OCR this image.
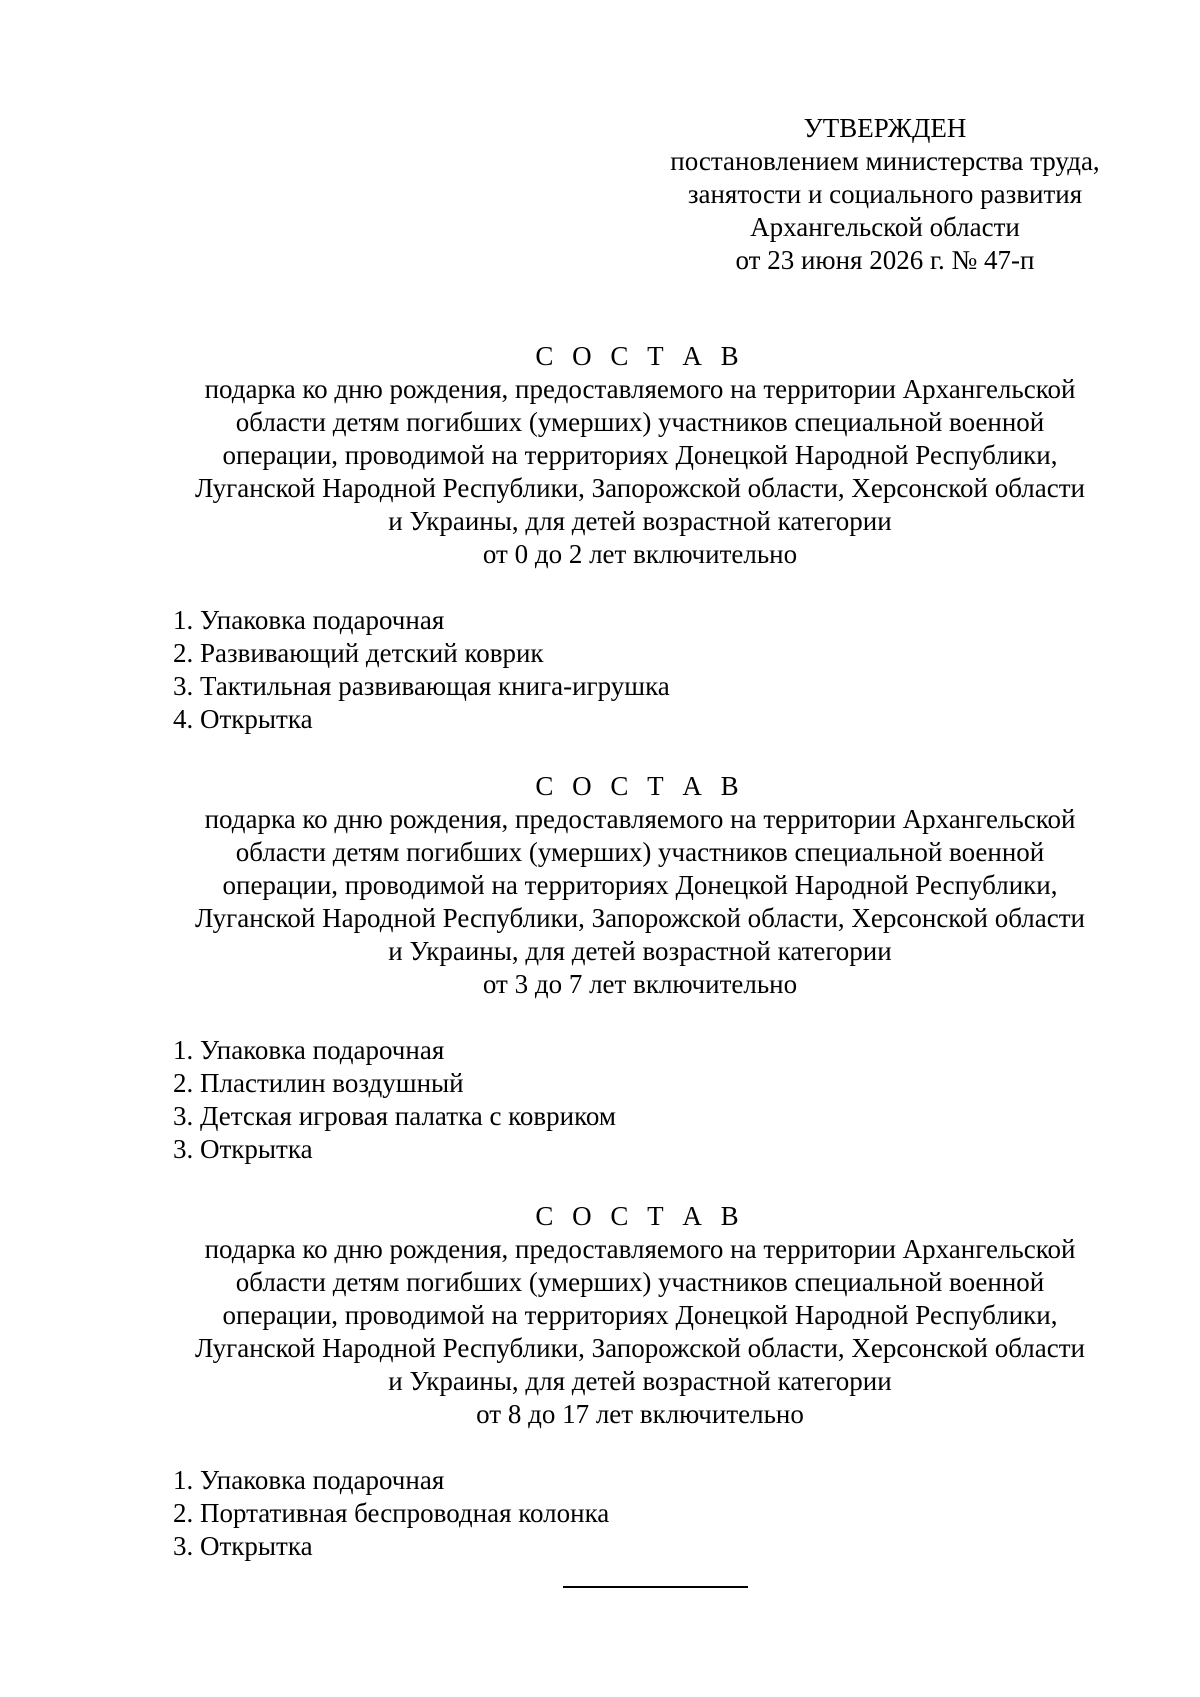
УТВЕРЖДЕН
постановлением министерства труда,
занятости и социального развития
Архангельской области
от 23 июня 2026 г. № 47-п
С О С Т А В
подарка ко дню рождения, предоставляемого на территории Архангельской
области детям погибших (умерших) участников специальной военной
операции, проводимой на территориях Донецкой Народной Республики,
Луганской Народной Республики, Запорожской области, Херсонской области
и Украины, для детей возрастной категории
от 0 до 2 лет включительно
1. Упаковка подарочная
2. Развивающий детский коврик
3. Тактильная развивающая книга-игрушка
4. Открытка
С О С Т А В
подарка ко дню рождения, предоставляемого на территории Архангельской
области детям погибших (умерших) участников специальной военной
операции, проводимой на территориях Донецкой Народной Республики,
Луганской Народной Республики, Запорожской области, Херсонской области
и Украины, для детей возрастной категории
от 3 до 7 лет включительно
1. Упаковка подарочная
2. Пластилин воздушный
3. Детская игровая палатка с ковриком
3. Открытка
С О С Т А В
подарка ко дню рождения, предоставляемого на территории Архангельской
области детям погибших (умерших) участников специальной военной
операции, проводимой на территориях Донецкой Народной Республики,
Луганской Народной Республики, Запорожской области, Херсонской области
и Украины, для детей возрастной категории
от 8 до 17 лет включительно
1. Упаковка подарочная
2. Портативная беспроводная колонка
3. Открытка
